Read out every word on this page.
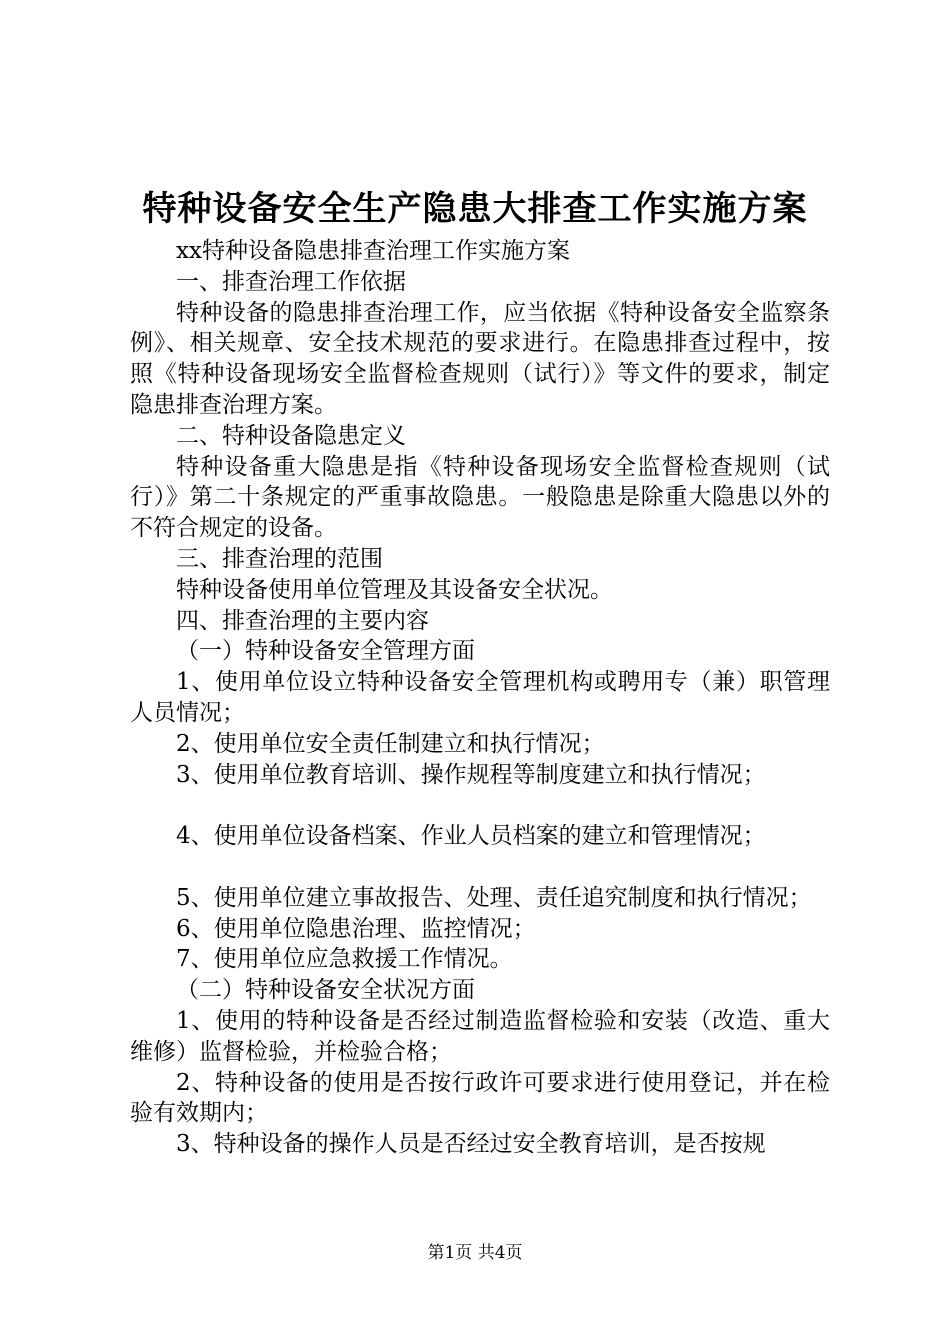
特种设备安全生产隐患大排查工作实施方案

xx特种设备隐患排查治理工作实施方案

一、排查治理工作依据

特种设备的隐患排查治理工作，应当依据《特种设备安全监察条例》、相关规章、安全技术规范的要求进行。在隐患排查过程中，按照《特种设备现场安全监督检查规则（试行）》等文件的要求，制定隐患排查治理方案。

二、特种设备隐患定义

特种设备重大隐患是指《特种设备现场安全监督检查规则（试行）》第二十条规定的严重事故隐患。一般隐患是除重大隐患以外的不符合规定的设备。

三、排查治理的范围

特种设备使用单位管理及其设备安全状况。

四、排查治理的主要内容

（一）特种设备安全管理方面

1、使用单位设立特种设备安全管理机构或聘用专（兼）职管理人员情况；

2、使用单位安全责任制建立和执行情况；

3、使用单位教育培训、操作规程等制度建立和执行情况；

4、使用单位设备档案、作业人员档案的建立和管理情况；

5、使用单位建立事故报告、处理、责任追究制度和执行情况；

6、使用单位隐患治理、监控情况；

7、使用单位应急救援工作情况。

（二）特种设备安全状况方面

1、使用的特种设备是否经过制造监督检验和安装（改造、重大维修）监督检验，并检验合格；

2、特种设备的使用是否按行政许可要求进行使用登记，并在检验有效期内；

3、特种设备的操作人员是否经过安全教育培训，是否按规

第1页 共4页
